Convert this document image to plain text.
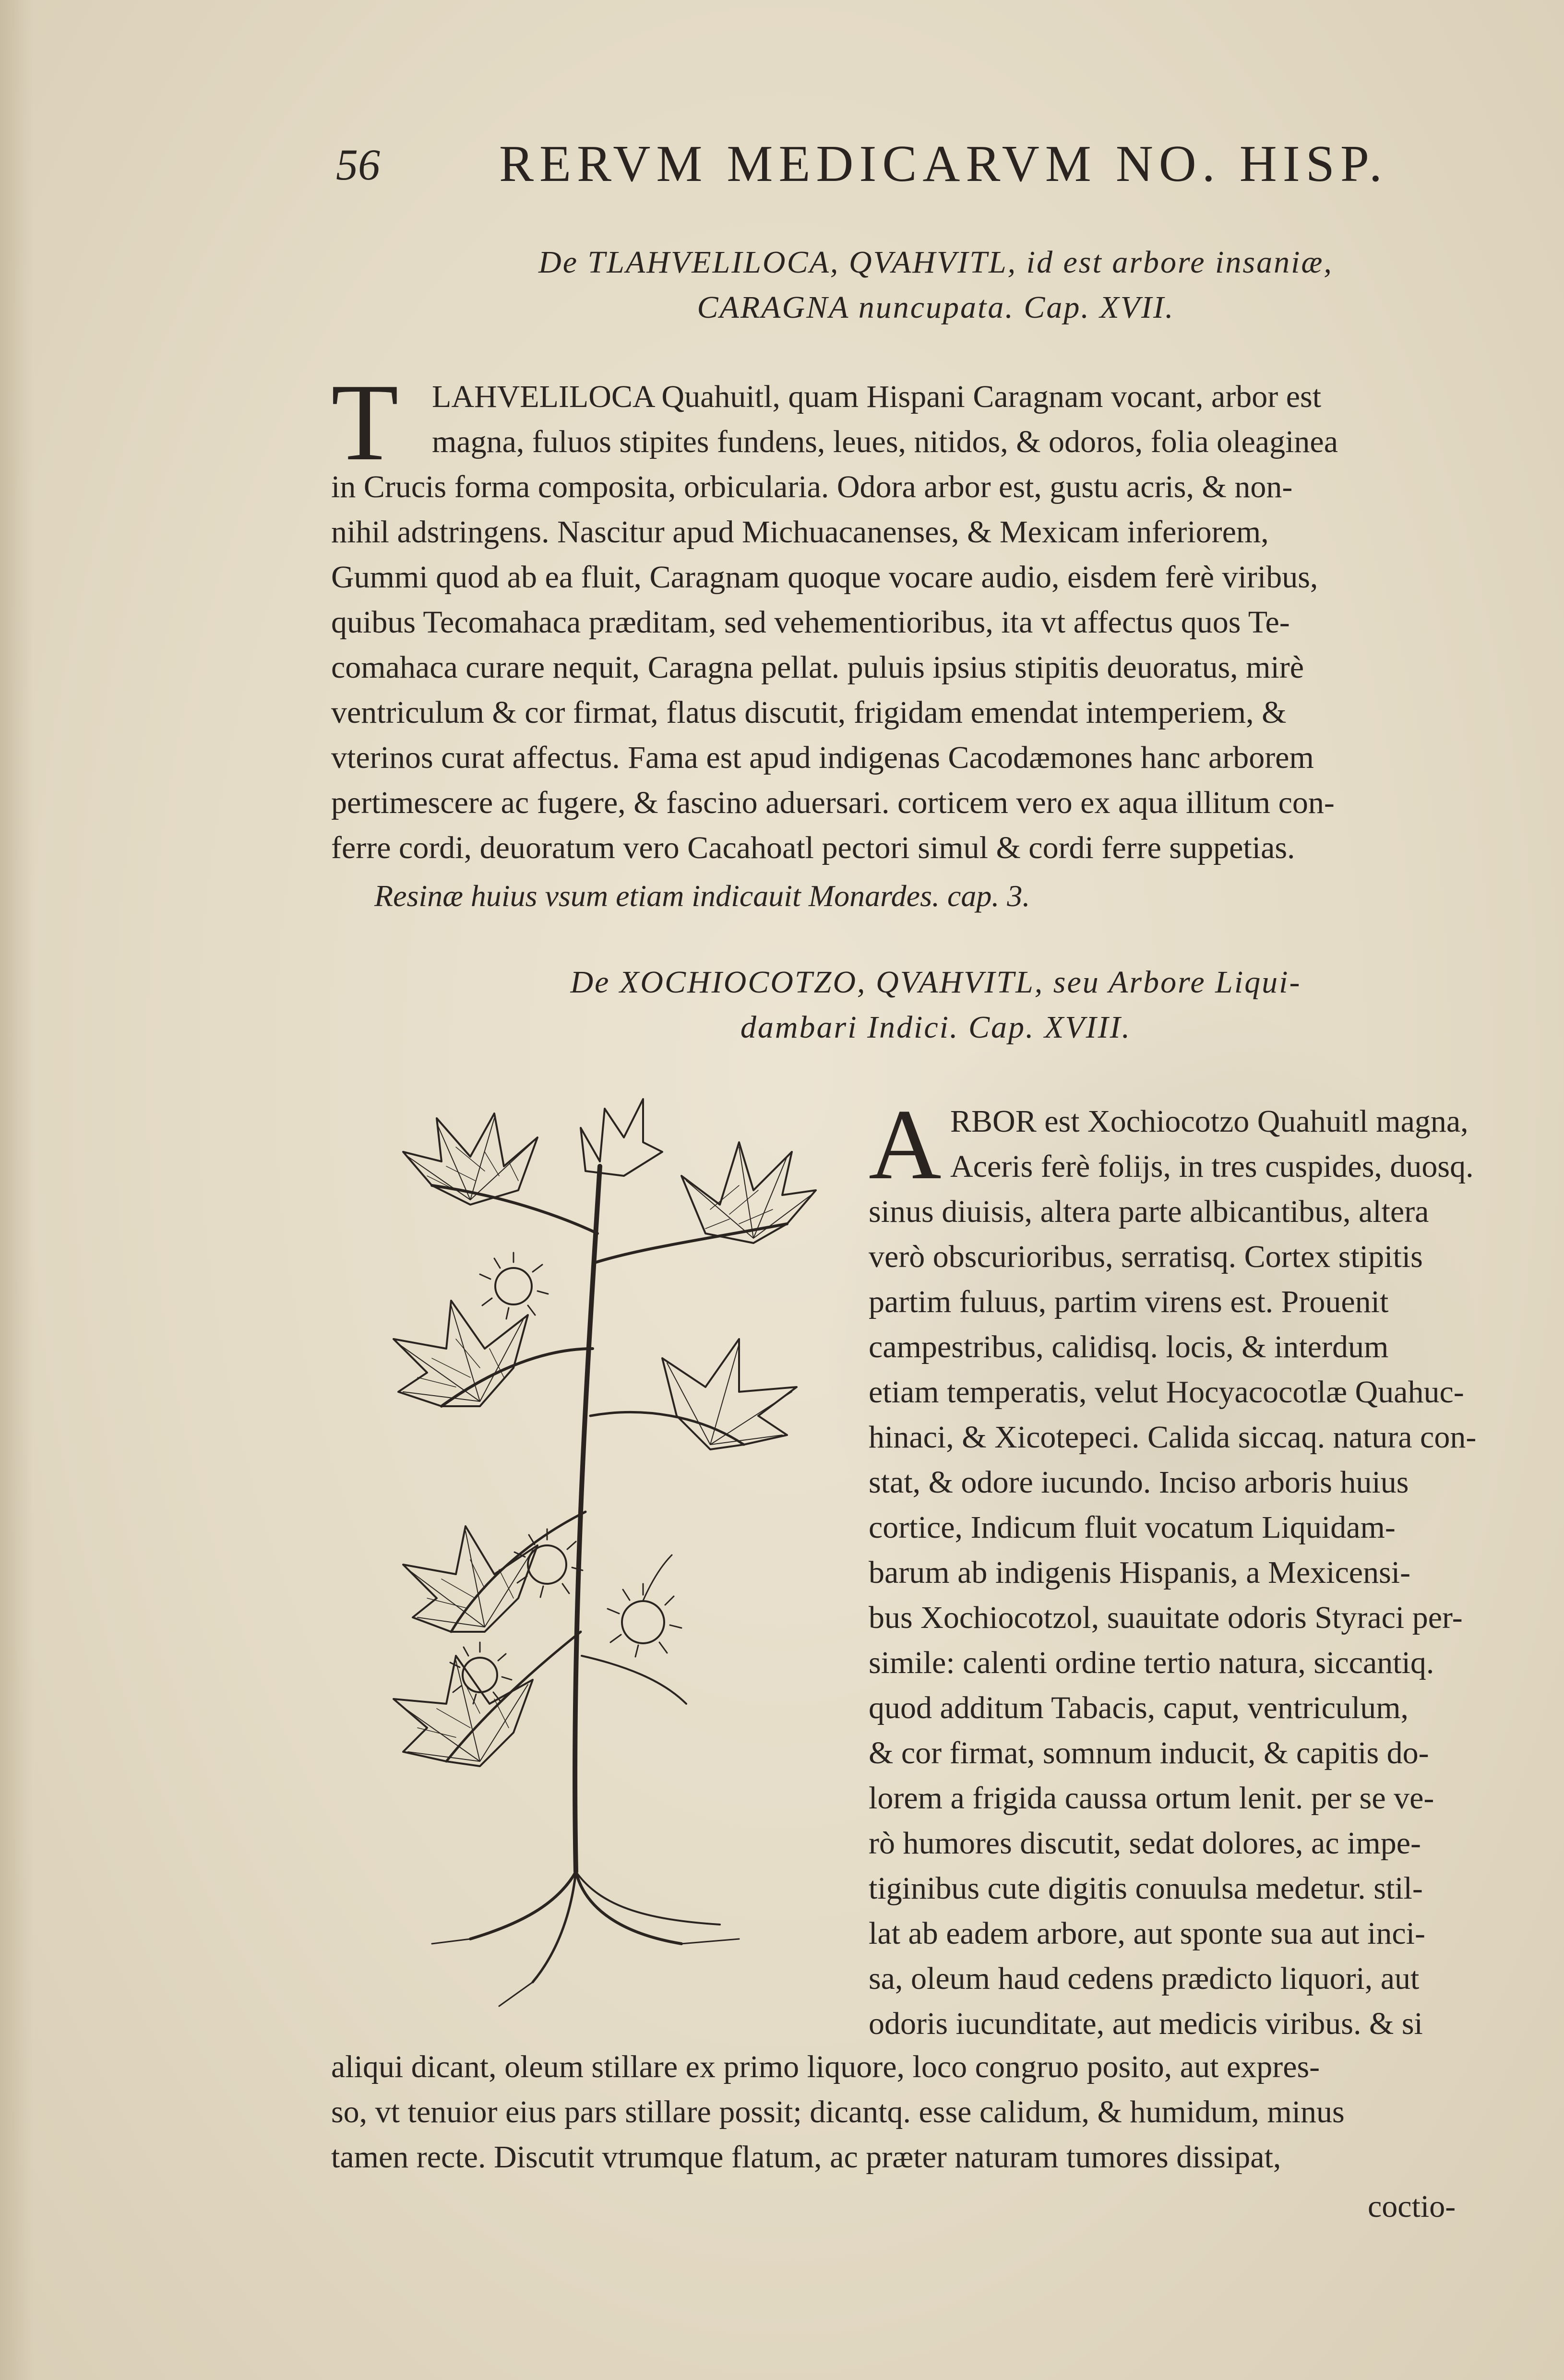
56 RERVM MEDICARVM NO. HISP.
De TLAHVELILOCA, QVAHVITL, id est arbore insaniæ,
CARAGNA nuncupata. Cap. XVII.
T	LAHVELILOCA Quahuitl, quam Hispani Caragnam vocant, arbor est
magna, fuluos stipites fundens, leues, nitidos, & odoros, folia oleaginea
in Crucis forma composita, orbicularia. Odora arbor est, gustu acris, & non-
nihil adstringens. Nascitur apud Michuacanenses, & Mexicam inferiorem,
Gummi quod ab ea fluit, Caragnam quoque vocare audio, eisdem ferè viribus,
quibus Tecomahaca præditam, sed vehementioribus, ita vt affectus quos Te-
comahaca curare nequit, Caragna pellat. puluis ipsius stipitis deuoratus, mirè
ventriculum & cor firmat, flatus discutit, frigidam emendat intemperiem, &
vterinos curat affectus. Fama est apud indigenas Cacodæmones hanc arborem
pertimescere ac fugere, & fascino aduersari. corticem vero ex aqua illitum con-
ferre cordi, deuoratum vero Cacahoatl pectori simul & cordi ferre suppetias.
Resinæ huius vsum etiam indicauit Monardes. cap. 3.
De XOCHIOCOTZO, QVAHVITL, seu Arbore Liqui-
dambari Indici. Cap. XVIII.
A RBOR est Xochiocotzo Quahuitl magna,
Aceris ferè folijs, in tres cuspides, duosq.
sinus diuisis, altera parte albicantibus, altera
verò obscurioribus, serratisq. Cortex stipitis
partim fuluus, partim virens est. Prouenit
campestribus, calidisq. locis, & interdum
etiam temperatis, velut Hocyacocotlæ Quahuc-
hinaci, & Xicotepeci. Calida siccaq. natura con-
stat, & odore iucundo. Inciso arboris huius
cortice, Indicum fluit vocatum Liquidam-
barum ab indigenis Hispanis, a Mexicensi-
bus Xochiocotzol, suauitate odoris Styraci per-
simile: calenti ordine tertio natura, siccantiq.
quod additum Tabacis, caput, ventriculum,
& cor firmat, somnum inducit, & capitis do-
lorem a frigida caussa ortum lenit. per se ve-
rò humores discutit, sedat dolores, ac impe-
tiginibus cute digitis conuulsa medetur. stil-
lat ab eadem arbore, aut sponte sua aut inci-
sa, oleum haud cedens prædicto liquori, aut
odoris iucunditate, aut medicis viribus. & si
aliqui dicant, oleum stillare ex primo liquore, loco congruo posito, aut expres-
so, vt tenuior eius pars stillare possit; dicantq. esse calidum, & humidum, minus
tamen recte. Discutit vtrumque flatum, ac præter naturam tumores dissipat,
coctio-
